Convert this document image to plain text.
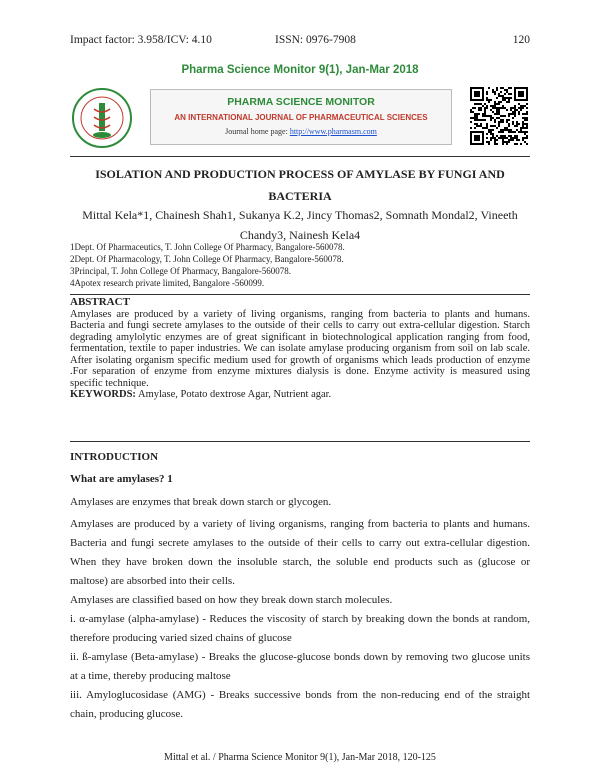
Impact factor: 3.958/ICV: 4.10	ISSN: 0976-7908	120
Pharma Science Monitor 9(1), Jan-Mar 2018
PHARMA SCIENCE MONITOR
AN INTERNATIONAL JOURNAL OF PHARMACEUTICAL SCIENCES
Journal home page: http://www.pharmasm.com
ISOLATION AND PRODUCTION PROCESS OF AMYLASE BY FUNGI AND
BACTERIA
Mittal Kela*1, Chainesh Shah1, Sukanya K.2, Jincy Thomas2, Somnath Mondal2, Vineeth
Chandy3, Nainesh Kela4
1Dept. Of Pharmaceutics, T. John College Of Pharmacy, Bangalore-560078.
2Dept. Of Pharmacology, T. John College Of Pharmacy, Bangalore-560078.
3Principal, T. John College Of Pharmacy, Bangalore-560078.
4Apotex research private limited, Bangalore -560099.
ABSTRACT
Amylases are produced by a variety of living organisms, ranging from bacteria to plants and humans. Bacteria and fungi secrete amylases to the outside of their cells to carry out extra-cellular digestion. Starch degrading amylolytic enzymes are of great significant in biotechnological application ranging from food, fermentation, textile to paper industries. We can isolate amylase producing organism from soil on lab scale. After isolating organism specific medium used for growth of organisms which leads production of enzyme .For separation of enzyme from enzyme mixtures dialysis is done. Enzyme activity is measured using specific technique.
KEYWORDS: Amylase, Potato dextrose Agar, Nutrient agar.

INTRODUCTION

What are amylases? 1

Amylases are enzymes that break down starch or glycogen.

Amylases are produced by a variety of living organisms, ranging from bacteria to plants and humans. Bacteria and fungi secrete amylases to the outside of their cells to carry out extra-cellular digestion. When they have broken down the insoluble starch, the soluble end products such as (glucose or maltose) are absorbed into their cells.

Amylases are classified based on how they break down starch molecules.

i. α-amylase (alpha-amylase) - Reduces the viscosity of starch by breaking down the bonds at random, therefore producing varied sized chains of glucose

ii. ß-amylase (Beta-amylase) - Breaks the glucose-glucose bonds down by removing two glucose units at a time, thereby producing maltose

iii. Amyloglucosidase (AMG) - Breaks successive bonds from the non-reducing end of the straight chain, producing glucose.

Mittal et al. / Pharma Science Monitor 9(1), Jan-Mar 2018, 120-125
